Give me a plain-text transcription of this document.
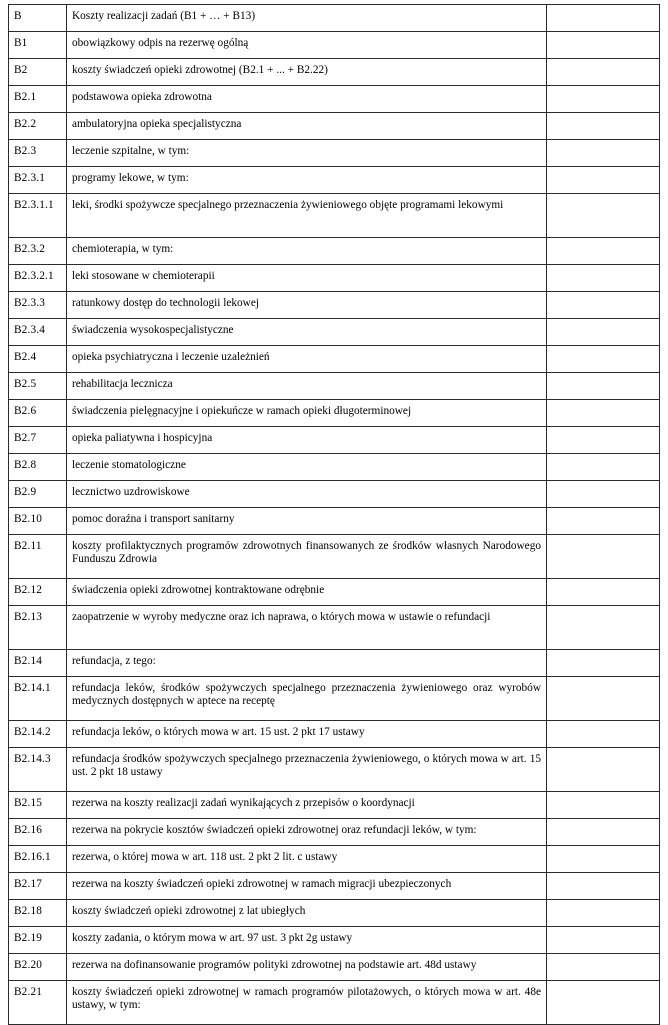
B	Koszty realizacji zadań (B1 + … + B13)	

B1	obowiązkowy odpis na rezerwę ogólną	

B2	koszty świadczeń opieki zdrowotnej (B2.1 + ... + B2.22)	

B2.1	podstawowa opieka zdrowotna	

B2.2	ambulatoryjna opieka specjalistyczna	

B2.3	leczenie szpitalne, w tym:	

B2.3.1	programy lekowe, w tym:	

B2.3.1.1	leki, środki spożywcze specjalnego przeznaczenia żywieniowego objęte programami lekowymi	

B2.3.2	chemioterapia, w tym:	

B2.3.2.1	leki stosowane w chemioterapii	

B2.3.3	ratunkowy dostęp do technologii lekowej	

B2.3.4	świadczenia wysokospecjalistyczne	

B2.4	opieka psychiatryczna i leczenie uzależnień	

B2.5	rehabilitacja lecznicza	

B2.6	świadczenia pielęgnacyjne i opiekuńcze w ramach opieki długoterminowej	

B2.7	opieka paliatywna i hospicyjna	

B2.8	leczenie stomatologiczne	

B2.9	lecznictwo uzdrowiskowe	

B2.10	pomoc doraźna i transport sanitarny	

B2.11	koszty profilaktycznych programów zdrowotnych finansowanych ze środków własnych Narodowego Funduszu Zdrowia	

B2.12	świadczenia opieki zdrowotnej kontraktowane odrębnie	

B2.13	zaopatrzenie w wyroby medyczne oraz ich naprawa, o których mowa w ustawie o refundacji	

B2.14	refundacja, z tego:	

B2.14.1	refundacja leków, środków spożywczych specjalnego przeznaczenia żywieniowego oraz wyrobów medycznych dostępnych w aptece na receptę	

B2.14.2	refundacja leków, o których mowa w art. 15 ust. 2 pkt 17 ustawy	

B2.14.3	refundacja środków spożywczych specjalnego przeznaczenia żywieniowego, o których mowa w art. 15 ust. 2 pkt 18 ustawy	

B2.15	rezerwa na koszty realizacji zadań wynikających z przepisów o koordynacji	

B2.16	rezerwa na pokrycie kosztów świadczeń opieki zdrowotnej oraz refundacji leków, w tym:	

B2.16.1	rezerwa, o której mowa w art. 118 ust. 2 pkt 2 lit. c ustawy	

B2.17	rezerwa na koszty świadczeń opieki zdrowotnej w ramach migracji ubezpieczonych	

B2.18	koszty świadczeń opieki zdrowotnej z lat ubiegłych	

B2.19	koszty zadania, o którym mowa w art. 97 ust. 3 pkt 2g ustawy	

B2.20	rezerwa na dofinansowanie programów polityki zdrowotnej na podstawie art. 48d ustawy	

B2.21	koszty świadczeń opieki zdrowotnej w ramach programów pilotażowych, o których mowa w art. 48e ustawy, w tym:	
